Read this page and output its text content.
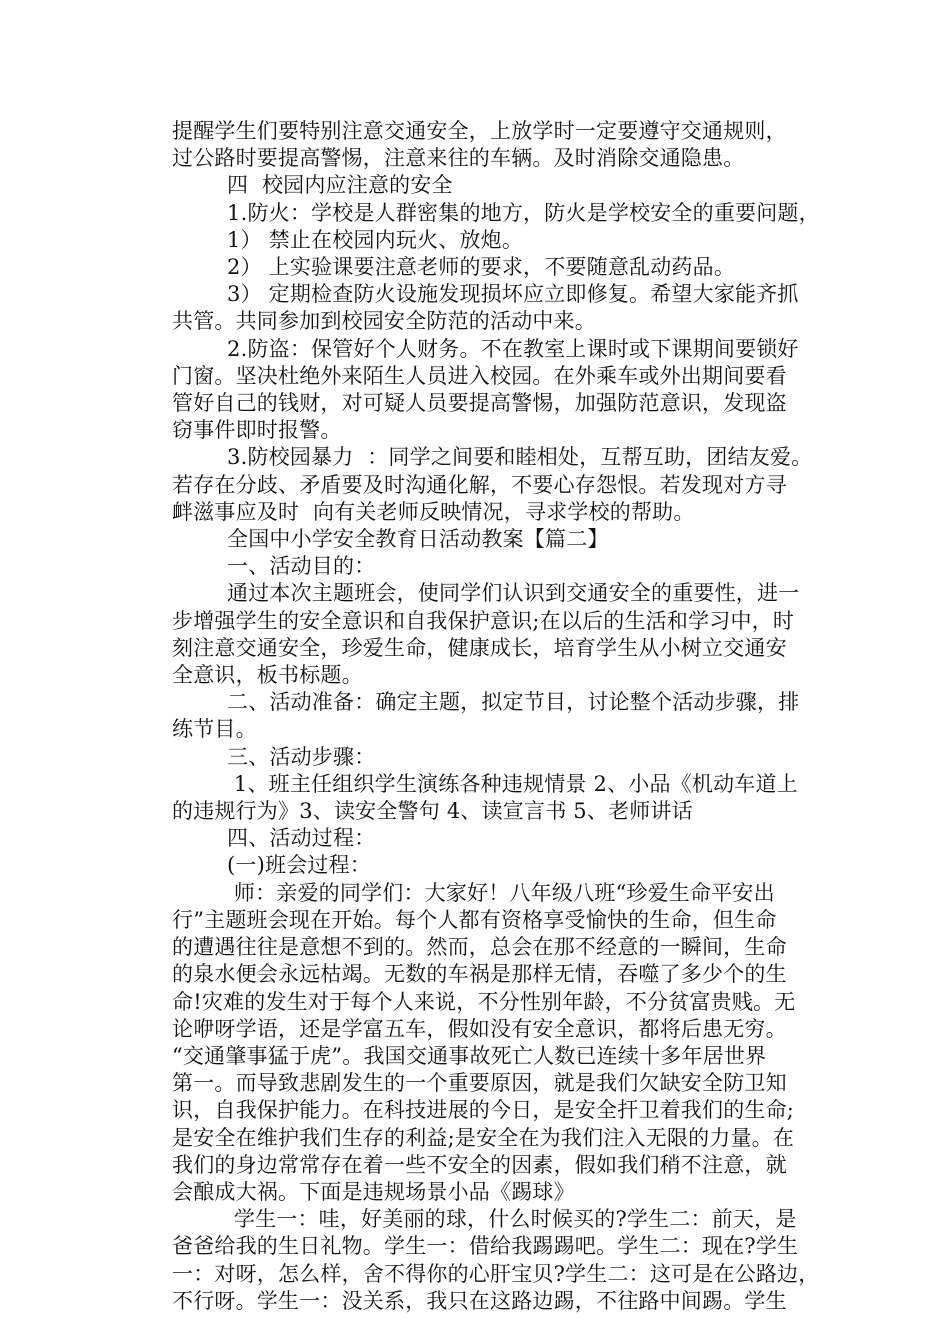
提醒学生们要特别注意交通安全，上放学时一定要遵守交通规则，

过公路时要提高警惕，注意来往的车辆。及时消除交通隐患。

四  校园内应注意的安全

1.防火：学校是人群密集的地方，防火是学校安全的重要问题，

1） 禁止在校园内玩火、放炮。

2） 上实验课要注意老师的要求，不要随意乱动药品。

3） 定期检查防火设施发现损坏应立即修复。希望大家能齐抓

共管。共同参加到校园安全防范的活动中来。

2.防盗：保管好个人财务。不在教室上课时或下课期间要锁好

门窗。坚决杜绝外来陌生人员进入校园。在外乘车或外出期间要看

管好自己的钱财，对可疑人员要提高警惕，加强防范意识，发现盗

窃事件即时报警。

3.防校园暴力  ：同学之间要和睦相处，互帮互助，团结友爱。

若存在分歧、矛盾要及时沟通化解，不要心存怨恨。若发现对方寻

衅滋事应及时  向有关老师反映情况，寻求学校的帮助。

全国中小学安全教育日活动教案【篇二】

一、活动目的：

通过本次主题班会，使同学们认识到交通安全的重要性，进一

步增强学生的安全意识和自我保护意识;在以后的生活和学习中，时

刻注意交通安全，珍爱生命，健康成长，培育学生从小树立交通安

全意识，板书标题。

二、活动准备：确定主题，拟定节目，讨论整个活动步骤，排

练节目。

三、活动步骤：

1、班主任组织学生演练各种违规情景 2、小品《机动车道上

的违规行为》3、读安全警句 4、读宣言书 5、老师讲话

四、活动过程：

(一)班会过程：

师：亲爱的同学们：大家好！八年级八班“珍爱生命平安出

行”主题班会现在开始。每个人都有资格享受愉快的生命，但生命

的遭遇往往是意想不到的。然而，总会在那不经意的一瞬间，生命

的泉水便会永远枯竭。无数的车祸是那样无情，吞噬了多少个的生

命!灾难的发生对于每个人来说，不分性别年龄，不分贫富贵贱。无

论咿呀学语，还是学富五车，假如没有安全意识，都将后患无穷。

“交通肇事猛于虎”。我国交通事故死亡人数已连续十多年居世界

第一。而导致悲剧发生的一个重要原因，就是我们欠缺安全防卫知

识，自我保护能力。在科技进展的今日，是安全扞卫着我们的生命;

是安全在维护我们生存的利益;是安全在为我们注入无限的力量。在

我们的身边常常存在着一些不安全的因素，假如我们稍不注意，就

会酿成大祸。下面是违规场景小品《踢球》

学生一：哇，好美丽的球，什么时候买的?学生二：前天，是

爸爸给我的生日礼物。学生一：借给我踢踢吧。学生二：现在?学生

一：对呀，怎么样，舍不得你的心肝宝贝?学生二：这可是在公路边，

不行呀。学生一：没关系，我只在这路边踢，不往路中间踢。学生
